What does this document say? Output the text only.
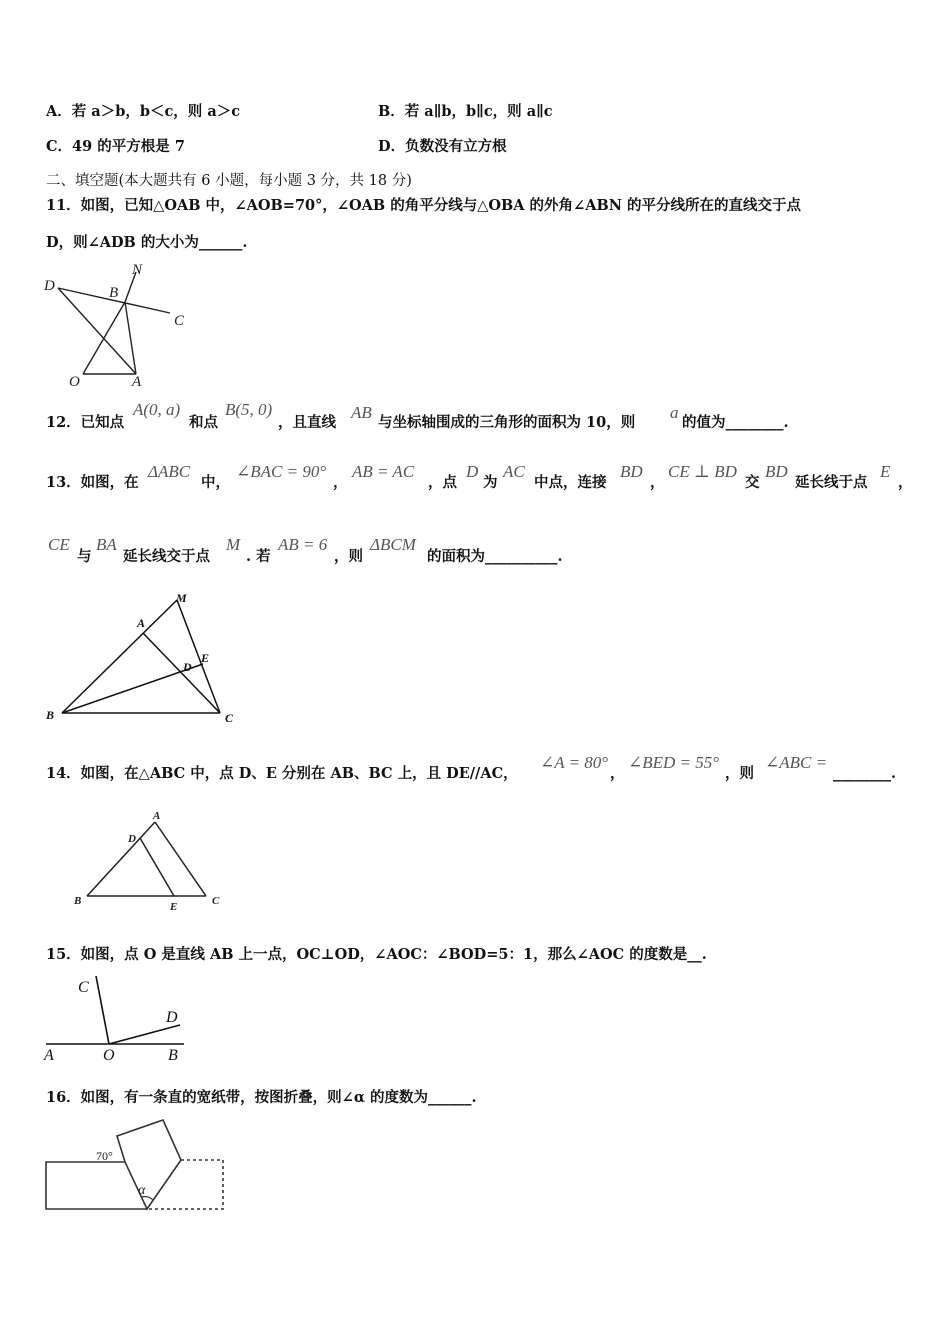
A．若 a＞b，b＜c，则 a＞c	B．若 a∥b，b∥c，则 a∥c
C．49 的平方根是 7	D．负数没有立方根
二、填空题(本大题共有 6 小题，每小题 3 分，共 18 分)
11．如图，已知△OAB 中，∠AOB=70°，∠OAB 的角平分线与△OBA 的外角∠ABN 的平分线所在的直线交于点
D，则∠ADB 的大小为______.
D
N
B
C
O	A
12．已知点
A(0, a)
和点
B(5, 0)
，且直线
AB
与坐标轴围成的三角形的面积为 10，则
a
的值为________.
13．如图，在
ΔABC
中，
∠BAC = 90°
，
AB = AC
，点
D
为
AC
中点，连接
BD
，
CE ⊥ BD
交
BD
延长线于点
E
，
CE
与
BA
延长线交于点
M
. 若
AB = 6
，则
ΔBCM
的面积为__________.
M
A
D
E
B	C
14．如图，在△ABC 中，点 D、E 分别在 AB、BC 上，且 DE//AC，
∠A = 80°
，
∠BED = 55°
，则
∠ABC =
________.
A
D
B	E	C
15．如图，点 O 是直线 AB 上一点，OC⊥OD，∠AOC：∠BOD=5：1，那么∠AOC 的度数是__.
C
D
A	O	B
16．如图，有一条直的宽纸带，按图折叠，则∠α 的度数为______.
70°
α
